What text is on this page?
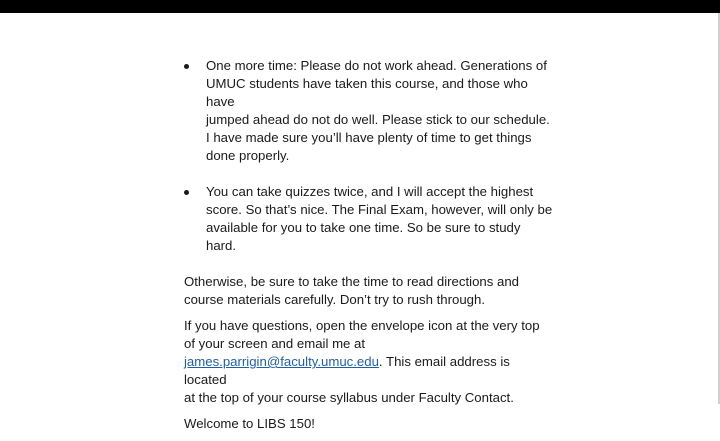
One more time: Please do not work ahead. Generations of
UMUC students have taken this course, and those who have
jumped ahead do not do well. Please stick to our schedule.
I have made sure you’ll have plenty of time to get things
done properly.
You can take quizzes twice, and I will accept the highest
score. So that’s nice. The Final Exam, however, will only be
available for you to take one time. So be sure to study hard.

Otherwise, be sure to take the time to read directions and
course materials carefully. Don’t try to rush through.

If you have questions, open the envelope icon at the very top
of your screen and email me at
james.parrigin@faculty.umuc.edu. This email address is located
at the top of your course syllabus under Faculty Contact.

Welcome to LIBS 150!
